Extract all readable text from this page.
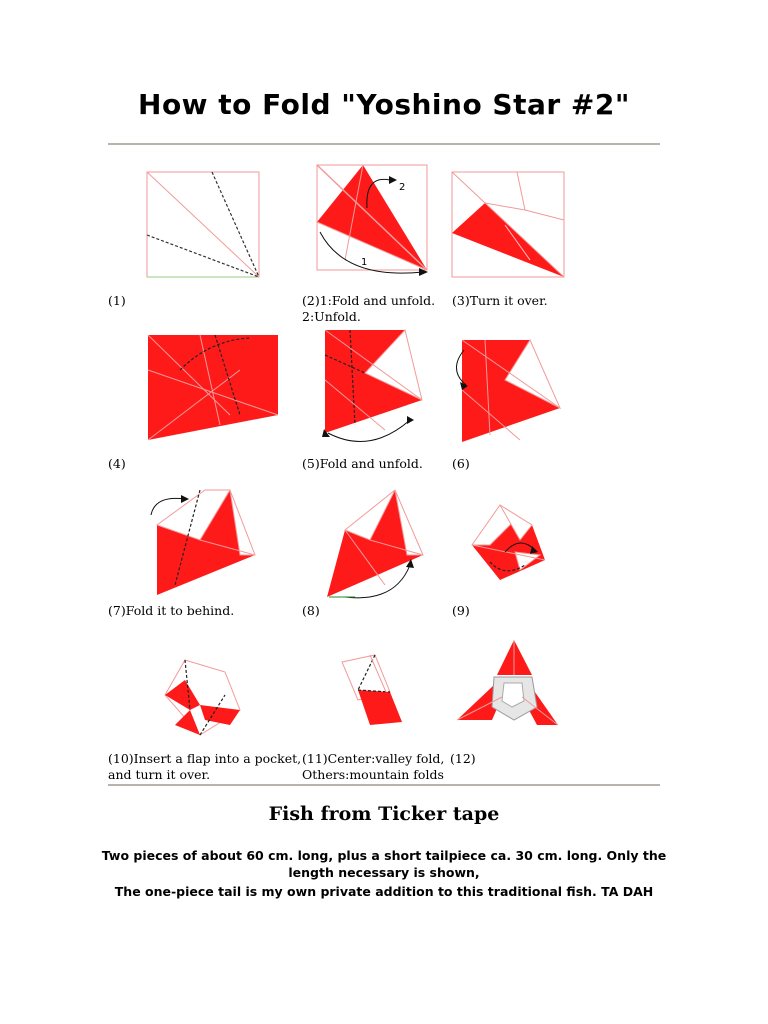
How to Fold "Yoshino Star #2"
(1)
2
1
(2)1:Fold and unfold.
2:Unfold.
(3)Turn it over.
(4)	(5)Fold and unfold. (6)
(7)Fold it to behind.	(8)	(9)
(10)Insert a flap into a pocket,
and turn it over.
(11)Center:valley fold,
Others:mountain folds
(12)
Fish from Ticker tape
Two pieces of about 60 cm. long, plus a short tailpiece ca. 30 cm. long. Only the length necessary is shown,
The one-piece tail is my own private addition to this traditional fish. TA DAH
